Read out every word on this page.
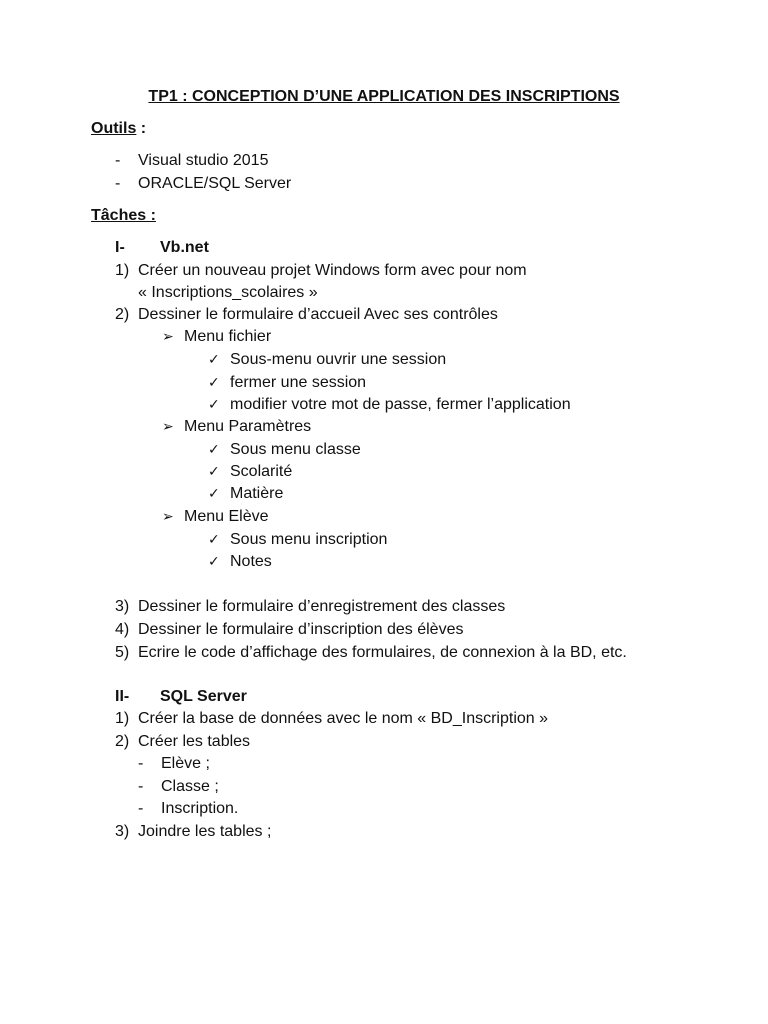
TP1 : CONCEPTION D’UNE APPLICATION DES INSCRIPTIONS
Outils :
- Visual studio 2015
- ORACLE/SQL Server
Tâches :
I- Vb.net
1) Créer un nouveau projet Windows form avec pour nom
« Inscriptions_scolaires »
2) Dessiner le formulaire d’accueil Avec ses contrôles
➢ Menu fichier
✓ Sous-menu ouvrir une session
✓ fermer une session
✓ modifier votre mot de passe, fermer l’application
➢ Menu Paramètres
✓ Sous menu classe
✓ Scolarité
✓ Matière
➢ Menu Elève
✓ Sous menu inscription
✓ Notes
3) Dessiner le formulaire d’enregistrement des classes
4) Dessiner le formulaire d’inscription des élèves
5) Ecrire le code d’affichage des formulaires, de connexion à la BD, etc.
II- SQL Server
1) Créer la base de données avec le nom « BD_Inscription »
2) Créer les tables
- Elève ;
- Classe ;
- Inscription.
3) Joindre les tables ;
